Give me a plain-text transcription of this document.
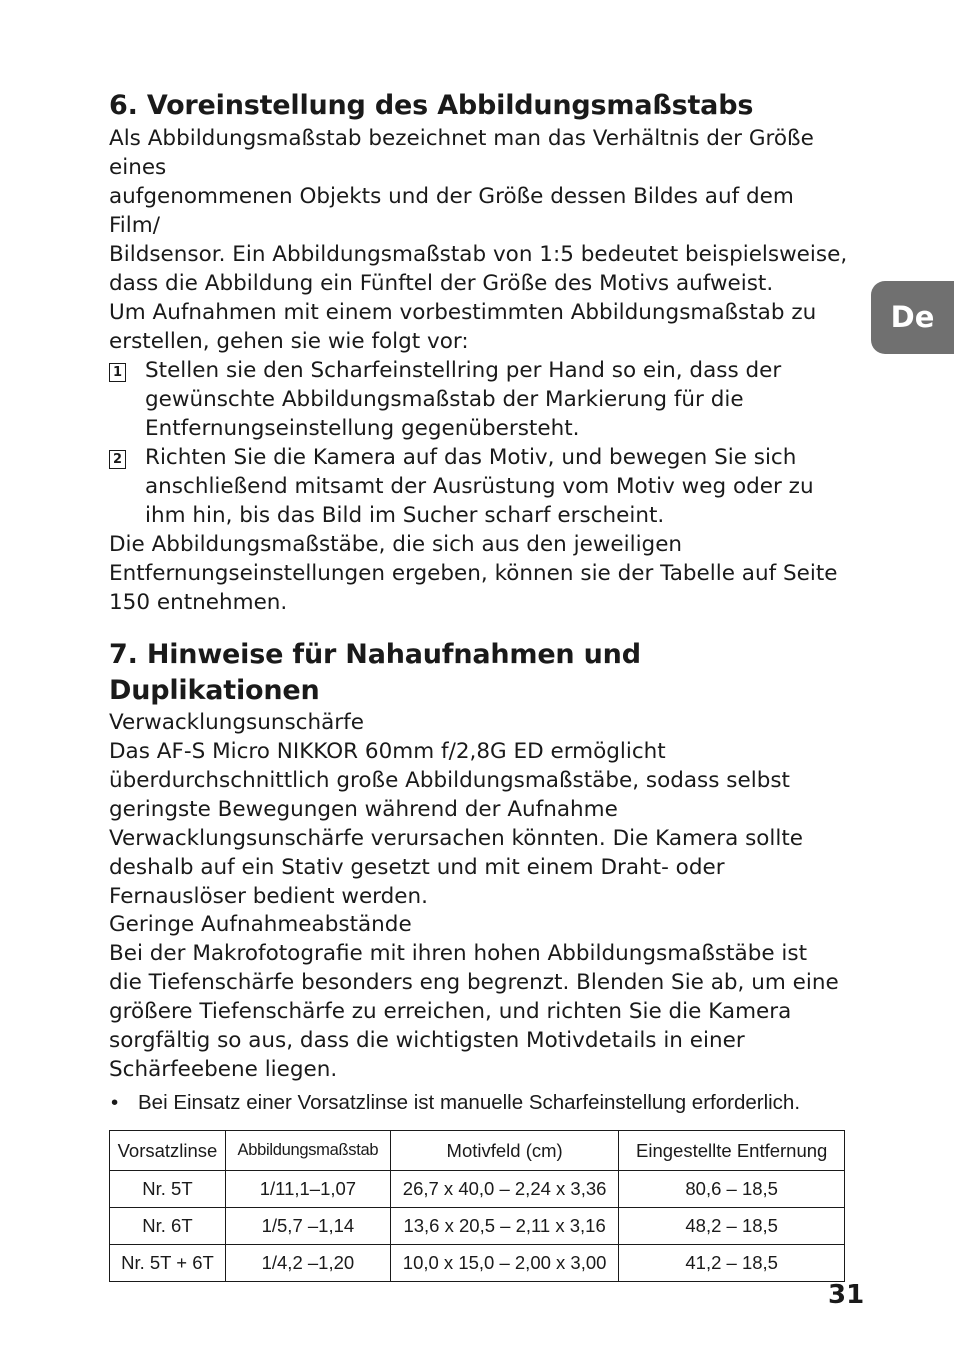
De
6. Voreinstellung des Abbildungsmaßstabs

Als Abbildungsmaßstab bezeichnet man das Verhältnis der Größe eines

aufgenommenen Objekts und der Größe dessen Bildes auf dem Film/

Bildsensor. Ein Abbildungsmaßstab von 1:5 bedeutet beispielsweise,

dass die Abbildung ein Fünftel der Größe des Motivs aufweist.

Um Aufnahmen mit einem vorbestimmten Abbildungsmaßstab zu

erstellen, gehen sie wie folgt vor:

1	Stellen sie den Scharfeinstellring per Hand so ein, dass der
gewünschte Abbildungsmaßstab der Markierung für die
Entfernungseinstellung gegenübersteht.
2	Richten Sie die Kamera auf das Motiv, und bewegen Sie sich
anschließend mitsamt der Ausrüstung vom Motiv weg oder zu
ihm hin, bis das Bild im Sucher scharf erscheint.

Die Abbildungsmaßstäbe, die sich aus den jeweiligen

Entfernungseinstellungen ergeben, können sie der Tabelle auf Seite

150 entnehmen.

7. Hinweise für Nahaufnahmen und Duplikationen

Verwacklungsunschärfe

Das AF-S Micro NIKKOR 60mm f/2,8G ED ermöglicht

überdurchschnittlich große Abbildungsmaßstäbe, sodass selbst

geringste Bewegungen während der Aufnahme

Verwacklungsunschärfe verursachen könnten. Die Kamera sollte

deshalb auf ein Stativ gesetzt und mit einem Draht- oder

Fernauslöser bedient werden.

Geringe Aufnahmeabstände

Bei der Makrofotografie mit ihren hohen Abbildungsmaßstäbe ist

die Tiefenschärfe besonders eng begrenzt. Blenden Sie ab, um eine

größere Tiefenschärfe zu erreichen, und richten Sie die Kamera

sorgfältig so aus, dass die wichtigsten Motivdetails in einer

Schärfeebene liegen.

• Bei Einsatz einer Vorsatzlinse ist manuelle Scharfeinstellung erforderlich.
Vorsatzlinse	Abbildungsmaßstab	Motivfeld (cm)	Eingestellte Entfernung
Nr. 5T	1/11,1–1,07	26,7 x 40,0 – 2,24 x 3,36	80,6 – 18,5
Nr. 6T	1/5,7 –1,14	13,6 x 20,5 – 2,11 x 3,16	48,2 – 18,5
Nr. 5T + 6T	1/4,2 –1,20	10,0 x 15,0 – 2,00 x 3,00	41,2 – 18,5
31
